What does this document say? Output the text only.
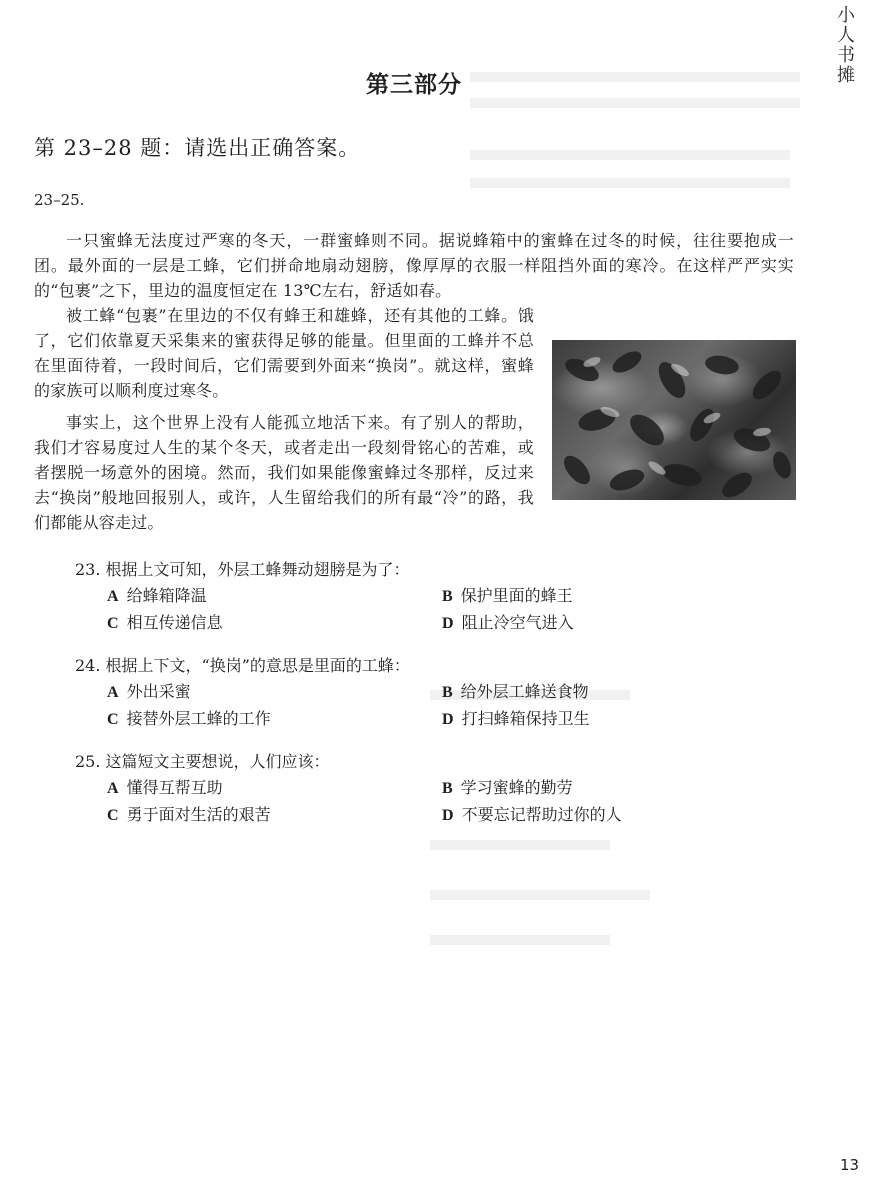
小
人
书
摊
第三部分
第 23–28 题：请选出正确答案。
23–25.
一只蜜蜂无法度过严寒的冬天，一群蜜蜂则不同。据说蜂箱中的蜜蜂在过冬的时候，往往要抱成一团。最外面的一层是工蜂，它们拼命地扇动翅膀，像厚厚的衣服一样阻挡外面的寒冷。在这样严严实实的“包裹”之下，里边的温度恒定在 13℃左右，舒适如春。
被工蜂“包裹”在里边的不仅有蜂王和雄蜂，还有其他的工蜂。饿了，它们依靠夏天采集来的蜜获得足够的能量。但里面的工蜂并不总在里面待着，一段时间后，它们需要到外面来“换岗”。就这样，蜜蜂的家族可以顺利度过寒冬。
事实上，这个世界上没有人能孤立地活下来。有了别人的帮助，我们才容易度过人生的某个冬天，或者走出一段刻骨铭心的苦难，或者摆脱一场意外的困境。然而，我们如果能像蜜蜂过冬那样，反过来去“换岗”般地回报别人，或许，人生留给我们的所有最“冷”的路，我们都能从容走过。
23. 根据上文可知，外层工蜂舞动翅膀是为了：
A 给蜂箱降温	B 保护里面的蜂王
C 相互传递信息	D 阻止冷空气进入
24. 根据上下文，“换岗”的意思是里面的工蜂：
A 外出采蜜	B 给外层工蜂送食物
C 接替外层工蜂的工作	D 打扫蜂箱保持卫生
25. 这篇短文主要想说，人们应该：
A 懂得互帮互助	B 学习蜜蜂的勤劳
C 勇于面对生活的艰苦	D 不要忘记帮助过你的人
13
